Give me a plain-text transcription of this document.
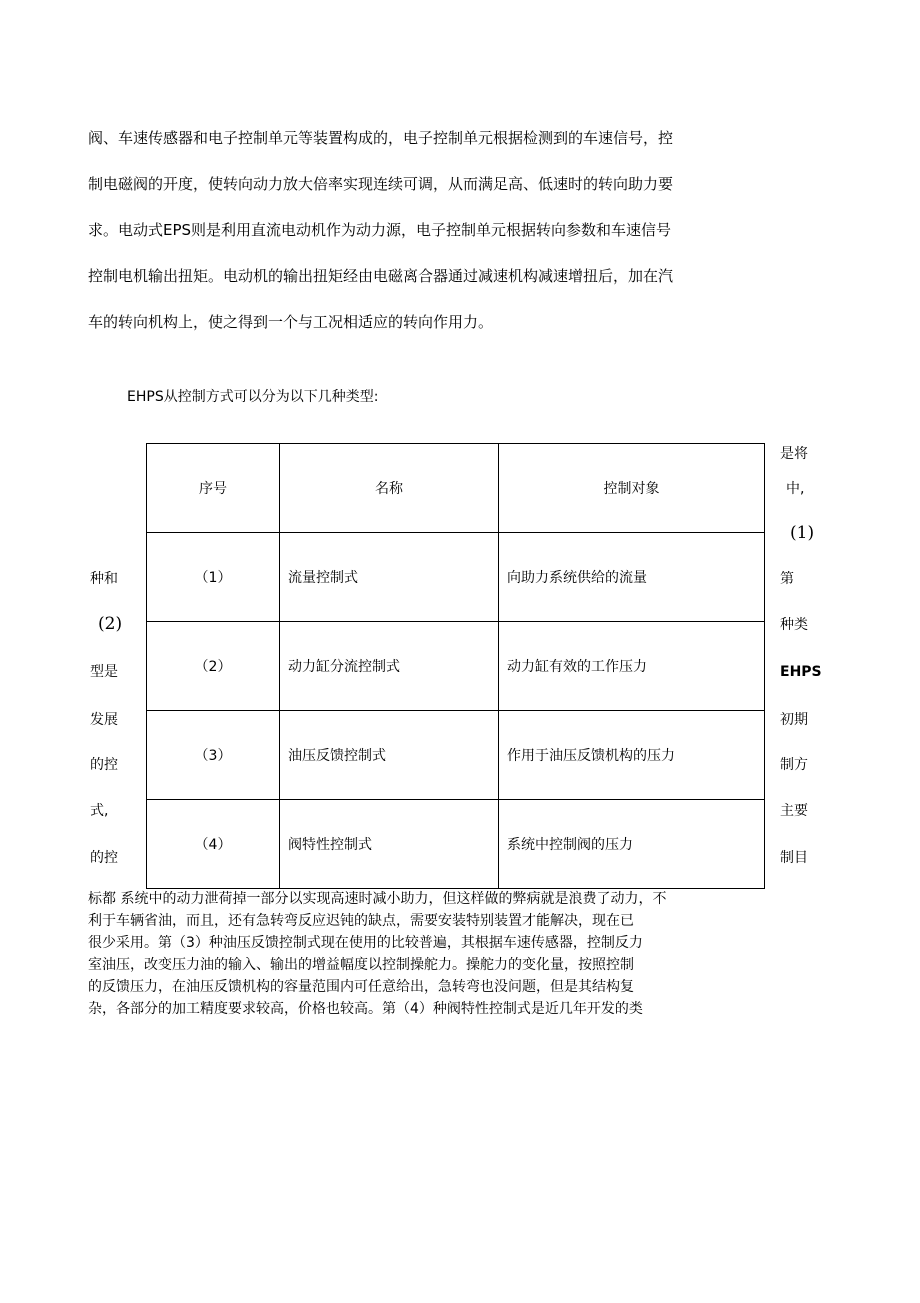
阀、车速传感器和电子控制单元等装置构成的，电子控制单元根据检测到的车速信号，控
制电磁阀的开度，使转向动力放大倍率实现连续可调，从而满足高、低速时的转向助力要
求。电动式EPS则是利用直流电动机作为动力源，电子控制单元根据转向参数和车速信号
控制电机输出扭矩。电动机的输出扭矩经由电磁离合器通过减速机构减速增扭后，加在汽
车的转向机构上，使之得到一个与工况相适应的转向作用力。
EHPS从控制方式可以分为以下几种类型:
序号	名称	控制对象
（1）	流量控制式	向助力系统供给的流量
（2）	动力缸分流控制式	动力缸有效的工作压力
（3）	油压反馈控制式	作用于油压反馈机构的压力
（4）	阀特性控制式	系统中控制阀的压力
种和
(2)
型是
发展
的控
式,
的控
是将
中,
(1)
第
种类
EHPS
初期
制方
主要
制目
标都 系统中的动力泄荷掉一部分以实现高速时减小助力，但这样做的弊病就是浪费了动力，不
利于车辆省油，而且，还有急转弯反应迟钝的缺点，需要安装特别装置才能解决，现在已
很少采用。第（3）种油压反馈控制式现在使用的比较普遍，其根据车速传感器，控制反力
室油压，改变压力油的输入、输出的增益幅度以控制操舵力。操舵力的变化量，按照控制
的反馈压力，在油压反馈机构的容量范围内可任意给出，急转弯也没问题，但是其结构复
杂，各部分的加工精度要求较高，价格也较高。第（4）种阀特性控制式是近几年开发的类
